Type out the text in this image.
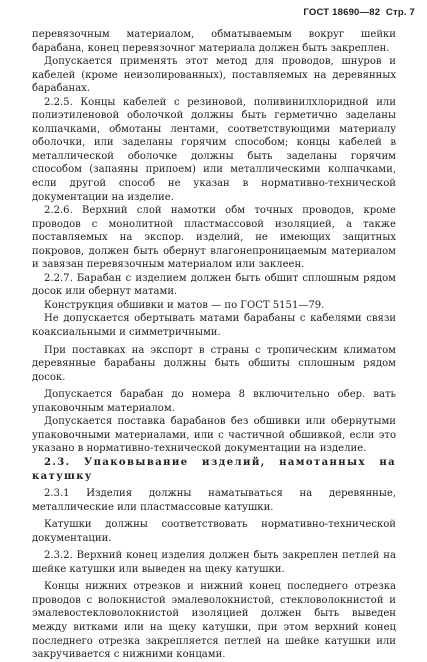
ГОСТ 18690—82 Стр. 7

перевязочным материалом, обматываемым вокруг шейки барабана, конец перевязочног материала должен быть закреплен.

Допускается применять этот метод для проводов, шнуров и кабелей (кроме неизолированных), поставляемых на деревянных барабанах.

2.2.5. Концы кабелей с резиновой, поливинилхлоридной или полиэтиленовой оболочкой должны быть герметично заделаны колпачками, обмотаны лентами, соответствующими материалу оболочки, или заделаны горячим способом; концы кабелей в металлической оболочке должны быть заделаны горячим способом (запаяны припоем) или металлическими колпачками, если другой способ не указан в нормативно-технической документации на изделие.

2.2.6. Верхний слой намотки обм точных проводов, кроме проводов с монолитной пластмассовой изоляцией, а также поставляемых на экспор. изделий, не имеющих защитных покровов, должен быть обернут влагонепроницаемым материалом и завязан перевязочным материалом или заклеен.

2.2.7. Барабан с изделием должен быть обшит сплошным рядом досок или обернут матами.

Конструкция обшивки и матов — по ГОСТ 5151—79.

Не допускается обертывать матами барабаны с кабелями связи коаксиальными и симметричными.

При поставках на экспорт в страны с тропическим климатом деревянные барабаны должны быть обшиты сплошным рядом досок.

Допускается барабан до номера 8 включительно обер. вать упаковочным материалом.

Допускается поставка барабанов без обшивки или обернутыми упаковочными материалами, или с частичной обшивкой, если это указано в нормативно-технической документации на изделие.

2.3. Упаковывание изделий, намотанных на катушку

2.3.1 Изделия должны наматываться на деревянные, металлические или пластмассовые катушки.

Катушки должны соответствовать нормативно-технической документации.

2.3.2. Верхний конец изделия должен быть закреплен петлей на шейке катушки или выведен на щеку катушки.

Концы нижних отрезков и нижний конец последнего отрезка проводов с волокнистой эмалеволокнистой, стекловолокнистой и эмалевостекловолокнистой изоляцией должен быть выведен между витками или на щеку катушки, при этом верхний конец последнего отрезка закрепляется петлей на шейке катушки или закручивается с нижними концами.
